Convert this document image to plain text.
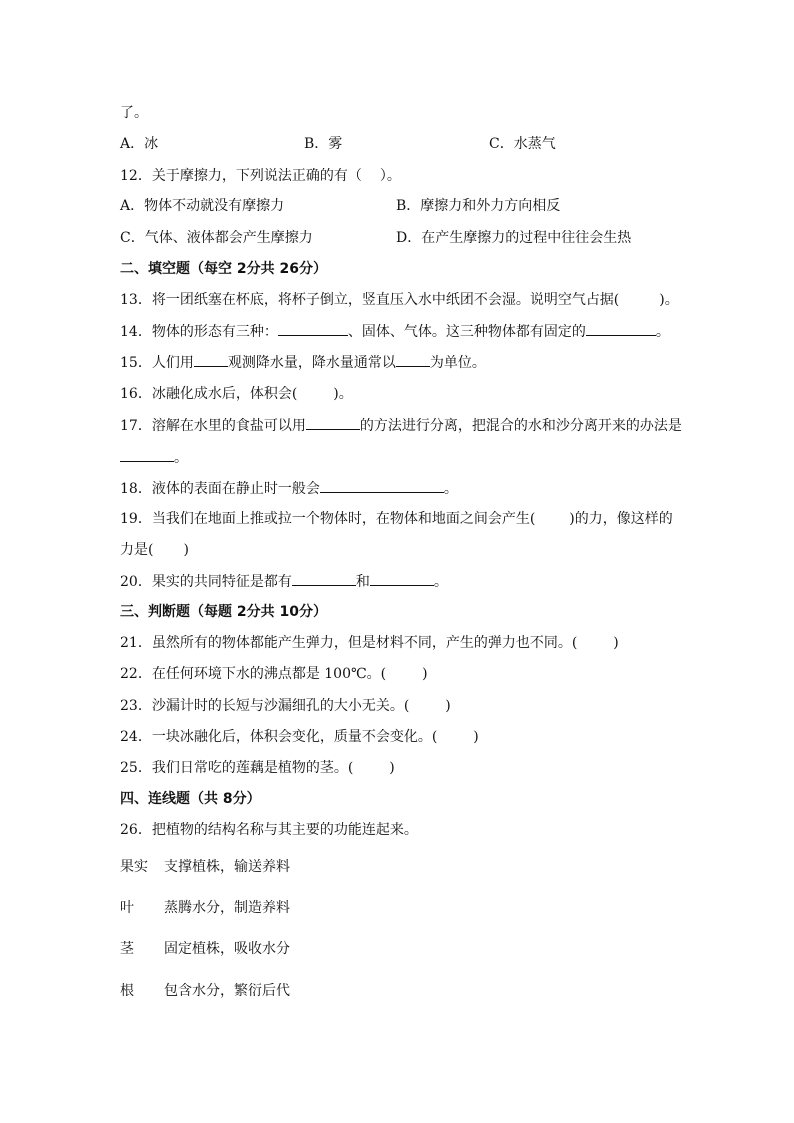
了。
A．冰	B．雾	C．水蒸气
12．关于摩擦力，下列说法正确的有（ ）。
A．物体不动就没有摩擦力	B．摩擦力和外力方向相反
C．气体、液体都会产生摩擦力	D．在产生摩擦力的过程中往往会生热
二、填空题（每空 2分共 26分）
13．将一团纸塞在杯底，将杯子倒立，竖直压入水中纸团不会湿。说明空气占据(	)。
14．物体的形态有三种：	、固体、气体。这三种物体都有固定的	。
15．人们用 观测降水量，降水量通常以 为单位。
16．冰融化成水后，体积会(	)。
17．溶解在水里的食盐可以用	的方法进行分离，把混合的水和沙分离开来的办法是
。
18．液体的表面在静止时一般会	。
19．当我们在地面上推或拉一个物体时，在物体和地面之间会产生( )的力，像这样的
力是( )
20．果实的共同特征是都有	和	。
三、判断题（每题 2分共 10分）
21．虽然所有的物体都能产生弹力，但是材料不同，产生的弹力也不同。(	)
22．在任何环境下水的沸点都是 100℃。(	)
23．沙漏计时的长短与沙漏细孔的大小无关。(	)
24．一块冰融化后，体积会变化，质量不会变化。(	)
25．我们日常吃的莲藕是植物的茎。(	)
四、连线题（共 8分）
26．把植物的结构名称与其主要的功能连起来。
果实 支撑植株，输送养料
叶 蒸腾水分，制造养料
茎 固定植株，吸收水分
根 包含水分，繁衍后代
